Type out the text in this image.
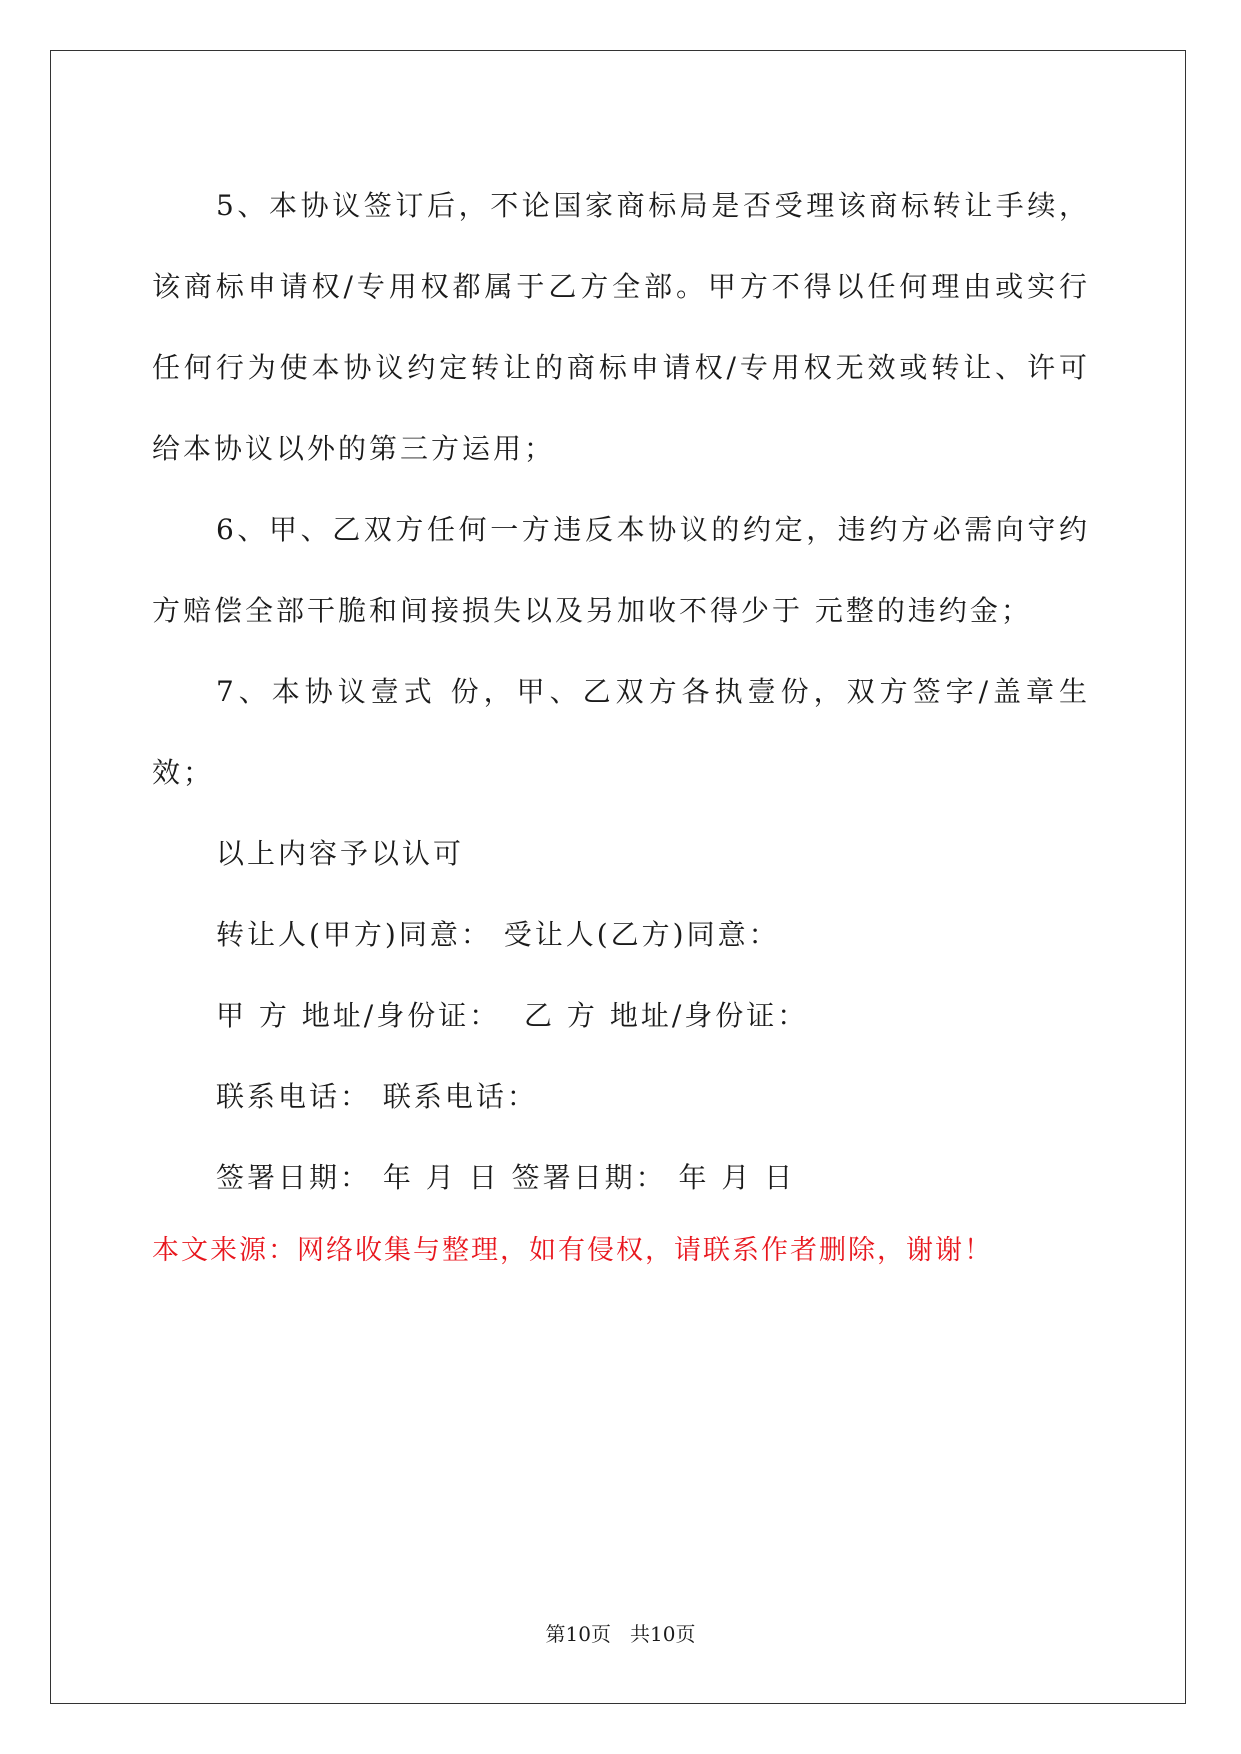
5、本协议签订后，不论国家商标局是否受理该商标转让手续，该商标申请权/专用权都属于乙方全部。甲方不得以任何理由或实行任何行为使本协议约定转让的商标申请权/专用权无效或转让、许可给本协议以外的第三方运用；

6、甲、乙双方任何一方违反本协议的约定，违约方必需向守约方赔偿全部干脆和间接损失以及另加收不得少于 元整的违约金；

7、本协议壹式 份，甲、乙双方各执壹份，双方签字/盖章生效；

以上内容予以认可

转让人(甲方)同意： 受让人(乙方)同意：

甲 方 地址/身份证：  乙 方 地址/身份证：

联系电话： 联系电话：

签署日期： 年 月 日 签署日期： 年 月 日

本文来源：网络收集与整理，如有侵权，请联系作者删除，谢谢！
第10页   共10页
